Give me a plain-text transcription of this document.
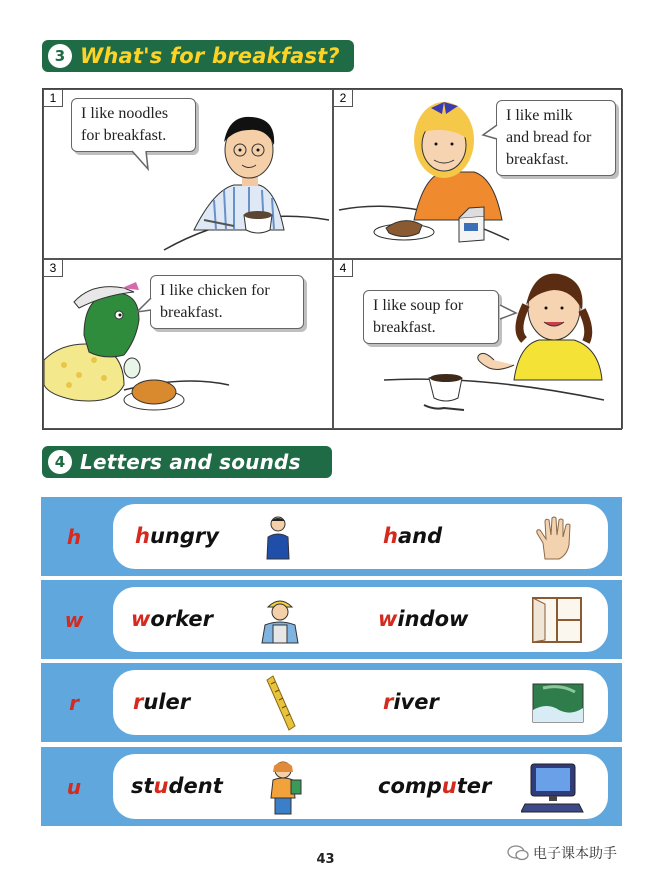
3 What's for breakfast?
1
I like noodles
for breakfast.
2
I like milk
and bread for
breakfast.
3
I like chicken for
breakfast.
4
I like soup for
breakfast.
4 Letters and sounds
h	hungry	hand
w	worker	window
r	ruler	river
u	student	computer
43	电子课本助手
